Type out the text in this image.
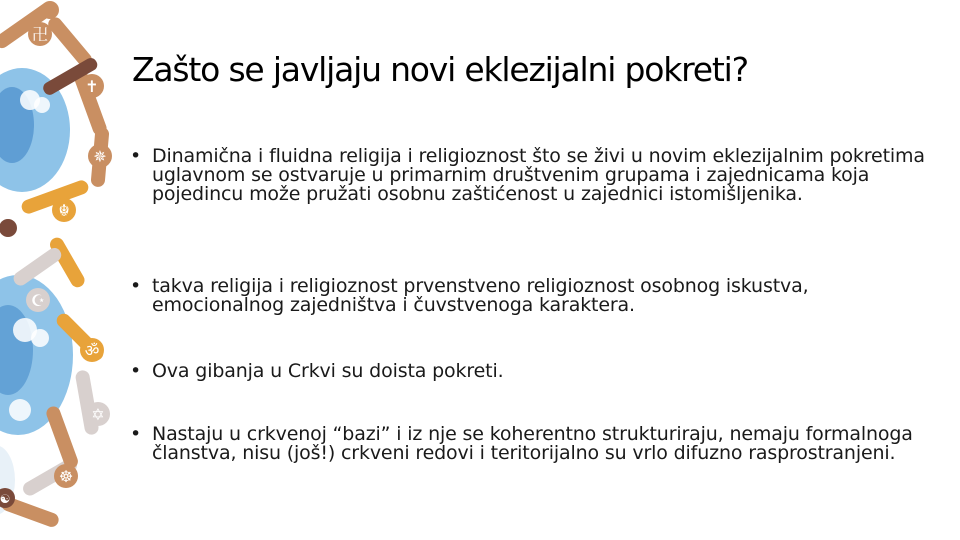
卍
✝
✵
☬
☪
ॐ
✡
☸
☯
Zašto se javljaju novi eklezijalni pokreti?
• Dinamična i fluidna religija i religioznost što se živi u novim eklezijalnim pokretima uglavnom se ostvaruje u primarnim društvenim grupama i zajednicama koja pojedincu može pružati osobnu zaštićenost u zajednici istomišljenika.
• takva religija i religioznost prvenstveno religioznost osobnog iskustva, emocionalnog zajedništva i čuvstvenoga karaktera.
• Ova gibanja u Crkvi su doista pokreti.
• Nastaju u crkvenoj “bazi” i iz nje se koherentno strukturiraju, nemaju formalnoga članstva, nisu (još!) crkveni redovi i teritorijalno su vrlo difuzno rasprostranjeni.
